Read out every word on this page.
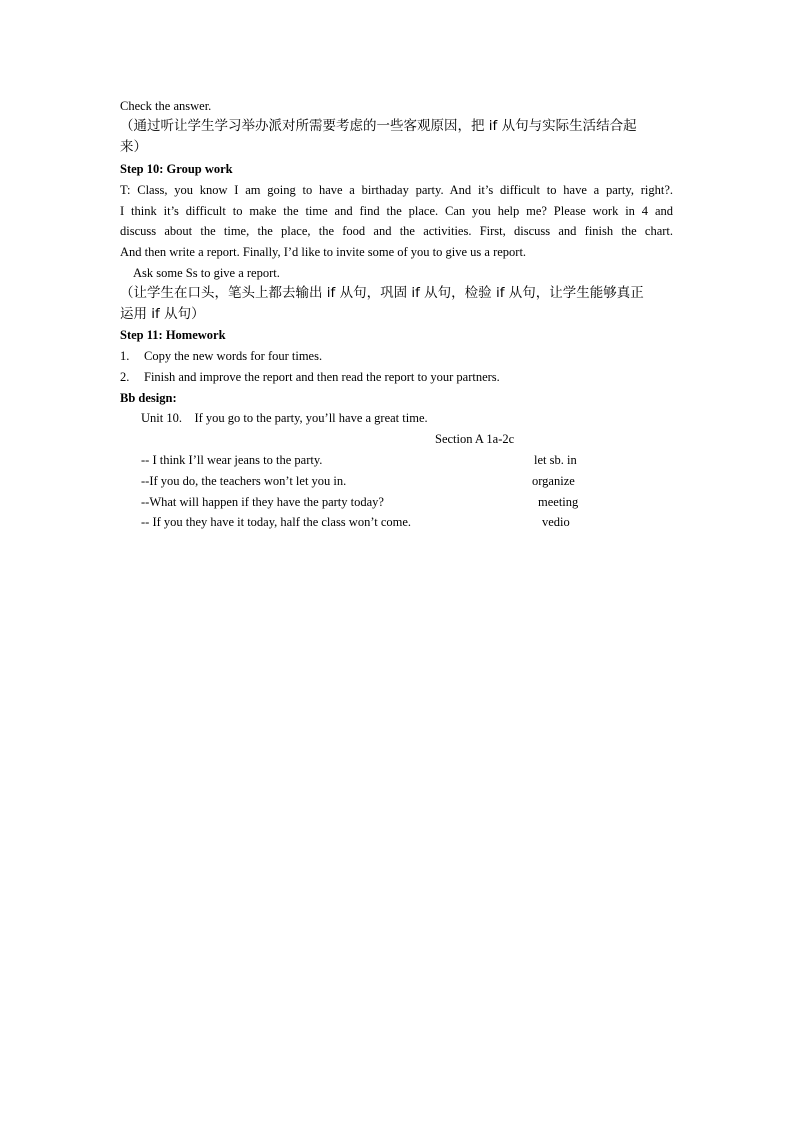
Check the answer.
（通过听让学生学习举办派对所需要考虑的一些客观原因，把 if 从句与实际生活结合起
来）
Step 10: Group work
T: Class, you know I am going to have a birthaday party. And it’s difficult to have a party, right?.
I think it’s difficult to make the time and find the place. Can you help me? Please work in 4 and
discuss about the time, the place, the food and the activities. First, discuss and finish the chart.
And then write a report. Finally, I’d like to invite some of you to give us a report.
Ask some Ss to give a report.
（让学生在口头，笔头上都去输出 if 从句，巩固 if 从句，检验 if 从句，让学生能够真正
运用 if 从句）
Step 11: Homework
1. Copy the new words for four times.
2. Finish and improve the report and then read the report to your partners.
Bb design:
Unit 10.    If you go to the party, you’ll have a great time.
Section A 1a-2c
-- I think I’ll wear jeans to the party.	let sb. in
--If you do, the teachers won’t let you in.	organize
--What will happen if they have the party today?	meeting
-- If you they have it today, half the class won’t come.	vedio
